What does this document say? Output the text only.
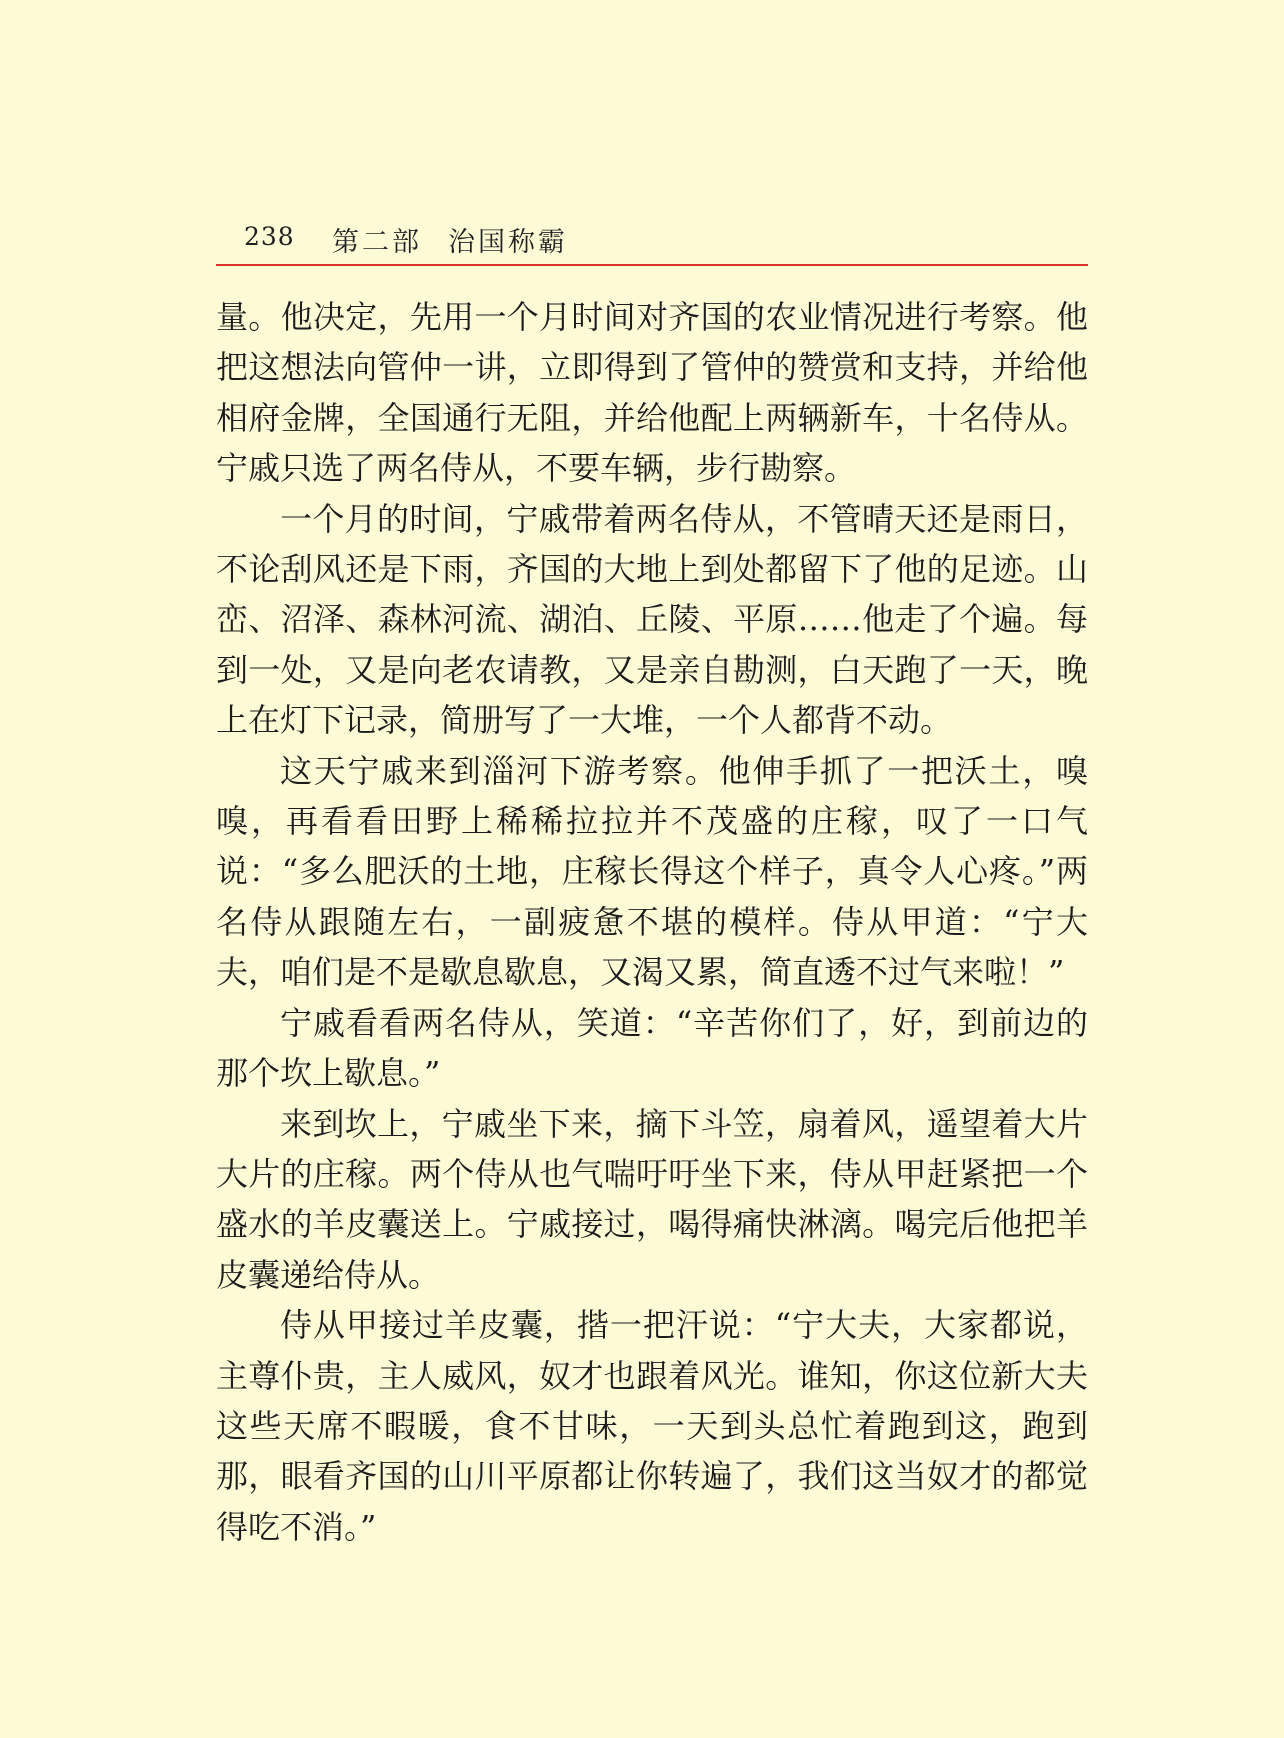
238 第二部 治国称霸

量。他决定，先用一个月时间对齐国的农业情况进行考察。他把这想法向管仲一讲，立即得到了管仲的赞赏和支持，并给他相府金牌，全国通行无阻，并给他配上两辆新车，十名侍从。宁戚只选了两名侍从，不要车辆，步行勘察。

一个月的时间，宁戚带着两名侍从，不管晴天还是雨日，不论刮风还是下雨，齐国的大地上到处都留下了他的足迹。山峦、沼泽、森林河流、湖泊、丘陵、平原……他走了个遍。每到一处，又是向老农请教，又是亲自勘测，白天跑了一天，晚上在灯下记录，简册写了一大堆，一个人都背不动。

这天宁戚来到淄河下游考察。他伸手抓了一把沃土，嗅嗅，再看看田野上稀稀拉拉并不茂盛的庄稼，叹了一口气说：“多么肥沃的土地，庄稼长得这个样子，真令人心疼。”两名侍从跟随左右，一副疲惫不堪的模样。侍从甲道：“宁大夫，咱们是不是歇息歇息，又渴又累，简直透不过气来啦！”

宁戚看看两名侍从，笑道：“辛苦你们了，好，到前边的那个坎上歇息。”

来到坎上，宁戚坐下来，摘下斗笠，扇着风，遥望着大片大片的庄稼。两个侍从也气喘吁吁坐下来，侍从甲赶紧把一个盛水的羊皮囊送上。宁戚接过，喝得痛快淋漓。喝完后他把羊皮囊递给侍从。

侍从甲接过羊皮囊，揩一把汗说：“宁大夫，大家都说，主尊仆贵，主人威风，奴才也跟着风光。谁知，你这位新大夫这些天席不暇暖，食不甘味，一天到头总忙着跑到这，跑到那，眼看齐国的山川平原都让你转遍了，我们这当奴才的都觉得吃不消。”
